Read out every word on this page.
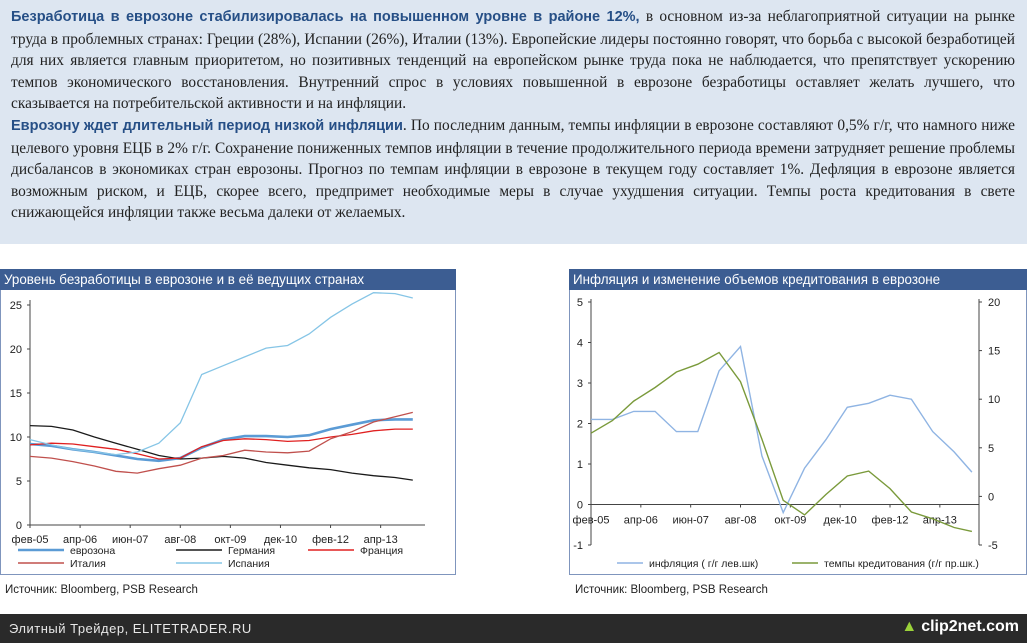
Безработица в еврозоне стабилизировалась на повышенном уровне в районе 12%, в основном из-за неблагоприятной ситуации на рынке труда в проблемных странах: Греции (28%), Испании (26%), Италии (13%). Европейские лидеры постоянно говорят, что борьба с высокой безработицей для них является главным приоритетом, но позитивных тенденций на европейском рынке труда пока не наблюдается, что препятствует ускорению темпов экономического восстановления. Внутренний спрос в условиях повышенной в еврозоне безработицы оставляет желать лучшего, что сказывается на потребительской активности и на инфляции.
Еврозону ждет длительный период низкой инфляции. По последним данным, темпы инфляции в еврозоне составляют 0,5% г/г, что намного ниже целевого уровня ЕЦБ в 2% г/г. Сохранение пониженных темпов инфляции в течение продолжительного периода времени затрудняет решение проблемы дисбалансов в экономиках стран еврозоны. Прогноз по темпам инфляции в еврозоне в текущем году составляет 1%. Дефляция в еврозоне является возможным риском, и ЕЦБ, скорее всего, предпримет необходимые меры в случае ухудшения ситуации. Темпы роста кредитования в свете снижающейся инфляции также весьма далеки от желаемых.

Уровень безработицы в еврозоне и в её ведущих странах
0
5
10
15
20
25
фев-05 апр-06 июн-07 авг-08 окт-09 дек-10 фев-12 апр-13
еврозона	Германия	Франция
Италия	Испания
Источник: Bloomberg, PSB Research
Инфляция и изменение объемов кредитования в еврозоне
-1
0
1
2
3
4
5
-5
0
5
10
15
20
фев-05 апр-06 июн-07 авг-08 окт-09 дек-10 фев-12 апр-13
инфляция ( г/г лев.шк)	темпы кредитования (г/г пр.шк.)
Источник: Bloomberg, PSB Research
Элитный Трейдер, ELITETRADER.RU	▲ clip2net.com
